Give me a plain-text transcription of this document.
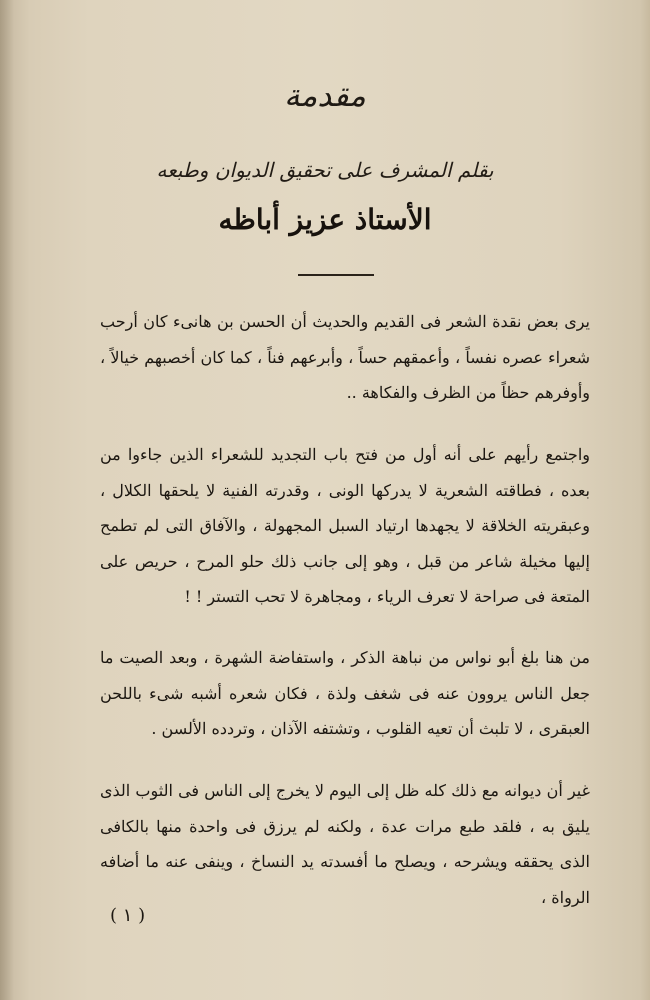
مقدمة
بقلم المشرف على تحقيق الديوان وطبعه
الأستاذ عزيز أباظه

يرى بعض نقدة الشعر فى القديم والحديث أن الحسن بن هانىء كان أرحب شعراء عصره نفساً ، وأعمقهم حساً ، وأبرعهم فناً ، كما كان أخصبهم خيالاً ، وأوفرهم حظاً من الظرف والفكاهة ..

واجتمع رأيهم على أنه أول من فتح باب التجديد للشعراء الذين جاءوا من بعده ، فطاقته الشعرية لا يدركها الونى ، وقدرته الفنية لا يلحقها الكلال ، وعبقريته الخلاقة لا يجهدها ارتياد السبل المجهولة ، والآفاق التى لم تطمح إليها مخيلة شاعر من قبل ، وهو إلى جانب ذلك حلو المرح ، حريص على المتعة فى صراحة لا تعرف الرياء ، ومجاهرة لا تحب التستر ! !

من هنا بلغ أبو نواس من نباهة الذكر ، واستفاضة الشهرة ، وبعد الصيت ما جعل الناس يروون عنه فى شغف ولذة ، فكان شعره أشبه شىء باللحن العبقرى ، لا تلبث أن تعيه القلوب ، وتشتفه الآذان ، وتردده الألسن .

غير أن ديوانه مع ذلك كله ظل إلى اليوم لا يخرج إلى الناس فى الثوب الذى يليق به ، فلقد طبع مرات عدة ، ولكنه لم يرزق فى واحدة منها بالكافى الذى يحققه ويشرحه ، ويصلح ما أفسدته يد النساخ ، وينفى عنه ما أضافه الرواة ،

( ١ )
